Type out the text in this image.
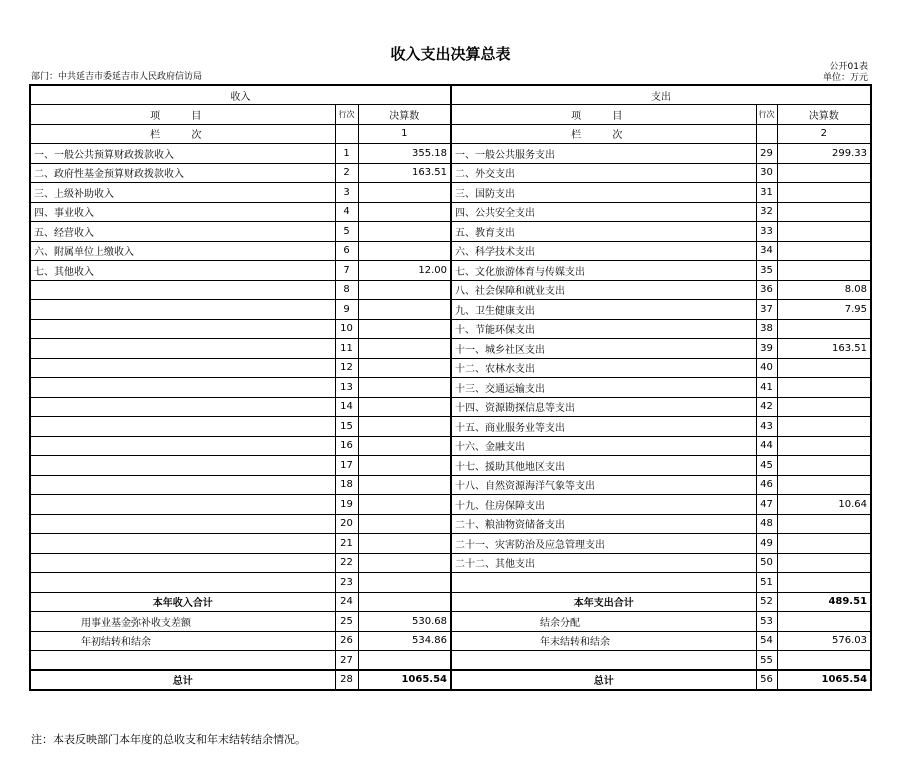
收入支出决算总表
部门：中共延吉市委延吉市人民政府信访局
公开01表
单位：万元
收入			支出		
项 目	行次	决算数	项 目	行次	决算数
栏 次		1	栏 次		2
一、一般公共预算财政拨款收入	1	355.18	一、一般公共服务支出	29	299.33
二、政府性基金预算财政拨款收入	2	163.51	二、外交支出	30	
三、上级补助收入	3		三、国防支出	31	
四、事业收入	4		四、公共安全支出	32	
五、经营收入	5		五、教育支出	33	
六、附属单位上缴收入	6		六、科学技术支出	34	
七、其他收入	7	12.00	七、文化旅游体育与传媒支出	35	
	8		八、社会保障和就业支出	36	8.08
	9		九、卫生健康支出	37	7.95
	10		十、节能环保支出	38	
	11		十一、城乡社区支出	39	163.51
	12		十二、农林水支出	40	
	13		十三、交通运输支出	41	
	14		十四、资源勘探信息等支出	42	
	15		十五、商业服务业等支出	43	
	16		十六、金融支出	44	
	17		十七、援助其他地区支出	45	
	18		十八、自然资源海洋气象等支出	46	
	19		十九、住房保障支出	47	10.64
	20		二十、粮油物资储备支出	48	
	21		二十一、灾害防治及应急管理支出	49	
	22		二十二、其他支出	50	
	23			51	
本年收入合计	24		本年支出合计	52	489.51
用事业基金弥补收支差额	25	530.68	结余分配	53	
年初结转和结余	26	534.86	年末结转和结余	54	576.03
	27			55	
总计	28	1065.54	总计	56	1065.54
注：本表反映部门本年度的总收支和年末结转结余情况。
